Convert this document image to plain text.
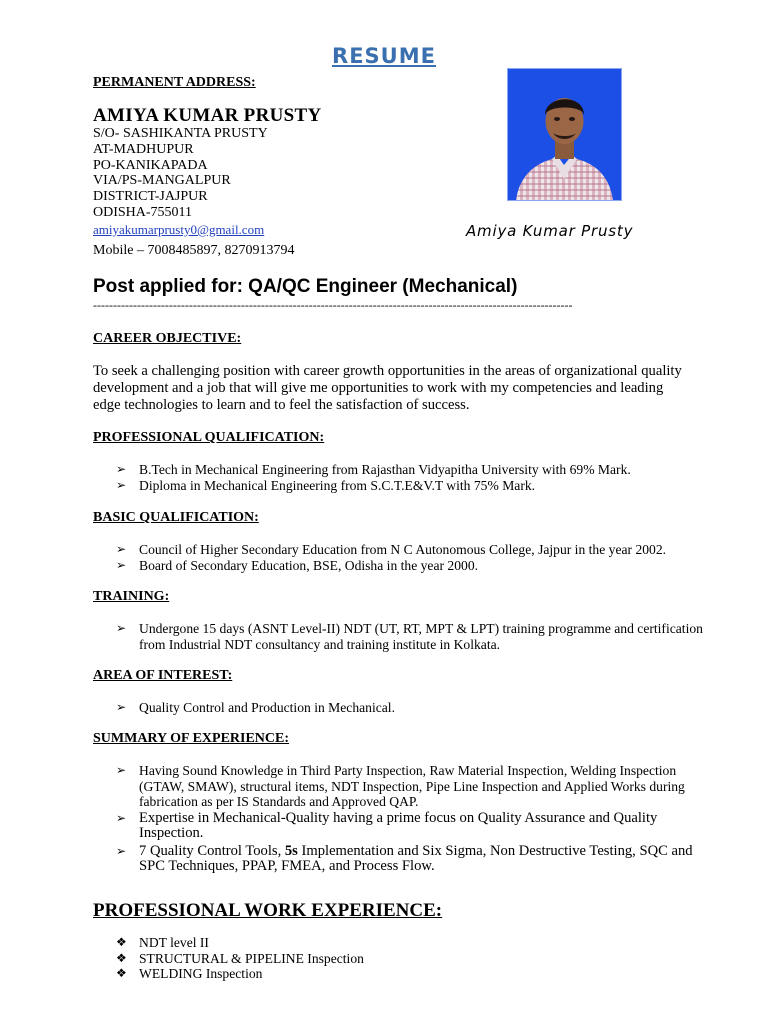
RESUME
PERMANENT ADDRESS:
AMIYA KUMAR PRUSTY
S/O- SASHIKANTA PRUSTY
AT-MADHUPUR
PO-KANIKAPADA
VIA/PS-MANGALPUR
DISTRICT-JAJPUR
ODISHA-755011
amiyakumarprusty0@gmail.com
Mobile – 7008485897, 8270913794
Amiya Kumar Prusty
Post applied for: QA/QC Engineer (Mechanical)
------------------------------------------------------------------------------------------------------------------------
CAREER OBJECTIVE:
To seek a challenging position with career growth opportunities in the areas of organizational quality development and a job that will give me opportunities to work with my competencies and leading edge technologies to learn and to feel the satisfaction of success.
PROFESSIONAL QUALIFICATION:
➢ B.Tech in Mechanical Engineering from Rajasthan Vidyapitha University with 69% Mark.
➢ Diploma in Mechanical Engineering from S.C.T.E&V.T with 75% Mark.
BASIC QUALIFICATION:
➢ Council of Higher Secondary Education from N C Autonomous College, Jajpur in the year 2002.
➢ Board of Secondary Education, BSE, Odisha in the year 2000.
TRAINING:
➢ Undergone 15 days (ASNT Level-II) NDT (UT, RT, MPT & LPT) training programme and certification from Industrial NDT consultancy and training institute in Kolkata.
AREA OF INTEREST:
➢ Quality Control and Production in Mechanical.
SUMMARY OF EXPERIENCE:
➢ Having Sound Knowledge in Third Party Inspection, Raw Material Inspection, Welding Inspection (GTAW, SMAW), structural items, NDT Inspection, Pipe Line Inspection and Applied Works during fabrication as per IS Standards and Approved QAP.
➢ Expertise in Mechanical-Quality having a prime focus on Quality Assurance and Quality Inspection.
➢ 7 Quality Control Tools, 5s Implementation and Six Sigma, Non Destructive Testing, SQC and SPC Techniques, PPAP, FMEA, and Process Flow.
PROFESSIONAL WORK EXPERIENCE:
❖ NDT level II
❖ STRUCTURAL & PIPELINE Inspection
❖ WELDING Inspection
